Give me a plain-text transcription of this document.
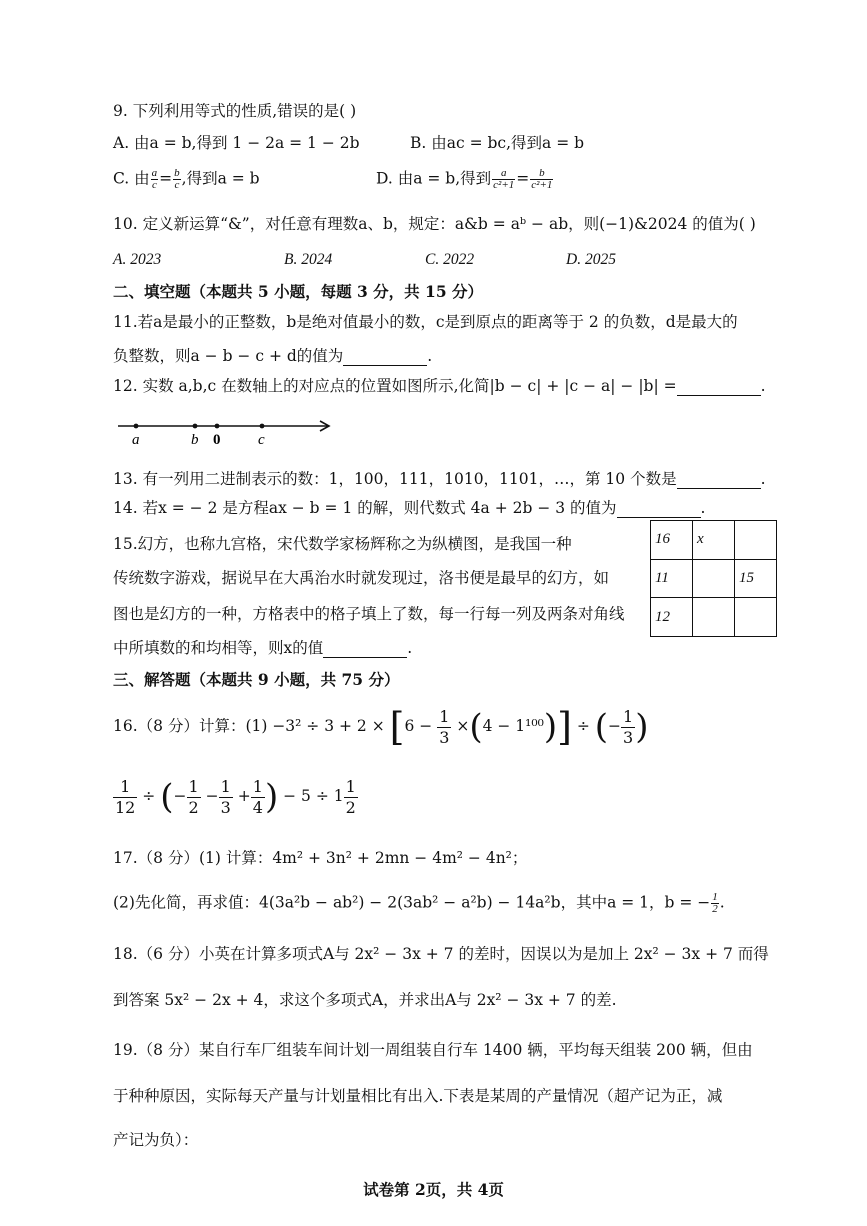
9. 下列利用等式的性质,错误的是( )
A. 由a = b,得到 1 − 2a = 1 − 2b	B. 由ac = bc,得到a = b
C. 由 $\frac{a}{c} = \frac{b}{c}$ ,得到a = b	D. 由a = b,得到 $\frac{a}{\text{c²+1}} = \frac{b}{\text{c²+1}}$
10. 定义新运算“&”，对任意有理数a、b，规定：a&b = aᵇ − ab，则(−1)&2024 的值为( )
A. 2023	B. 2024	C. 2022	D. 2025
二、填空题（本题共 5 小题，每题 3 分，共 15 分）
11.若a是最小的正整数，b是绝对值最小的数，c是到原点的距离等于 2 的负数，d是最大的
负整数，则a − b − c + d的值为	.
12. 实数 a,b,c 在数轴上的对应点的位置如图所示,化简|b − c| + |c − a| − |b| =	.
a	b 0	c
13. 有一列用二进制表示的数：1，100，111，1010，1101，…，第 10 个数是	.
14. 若x = − 2 是方程ax − b = 1 的解，则代数式 4a + 2b − 3 的值为	.
15.幻方，也称九宫格，宋代数学家杨辉称之为纵横图，是我国一种
传统数字游戏，据说早在大禹治水时就发现过，洛书便是最早的幻方，如
图也是幻方的一种，方格表中的格子填上了数，每一行每一列及两条对角线
中所填数的和均相等，则x的值	.
16	x	
11		15
12		
三、解答题（本题共 9 小题，共 75 分）
16.（8 分）计算：$(1) -3^2 \div 3 + 2 \times [6 - \frac{1}{3} \times(4 - 1^{100})]$ ÷ (− $\frac{1}{3}$ )
$\frac{1}{12}$ ÷ (− $\frac{1}{2} - \frac{1}{3} + \frac{1}{4}$ ) − $5 \div 1 \frac{1}{2}$
17.（8 分）(1) 计算：4m² + 3n² + 2mn − 4m² − 4n²；
(2)先化简，再求值：4(3a²b − ab²) − 2(3ab² − a²b) − 14a²b，其中a = 1，b = − $\frac{1}{2}$ .
18.（6 分）小英在计算多项式A与 2x² − 3x + 7 的差时，因误以为是加上 2x² − 3x + 7 而得
到答案 5x² − 2x + 4，求这个多项式A，并求出A与 2x² − 3x + 7 的差.
19.（8 分）某自行车厂组装车间计划一周组装自行车 1400 辆，平均每天组装 200 辆，但由
于种种原因，实际每天产量与计划量相比有出入.下表是某周的产量情况（超产记为正，减
产记为负）：
试卷第 2页，共 4页
